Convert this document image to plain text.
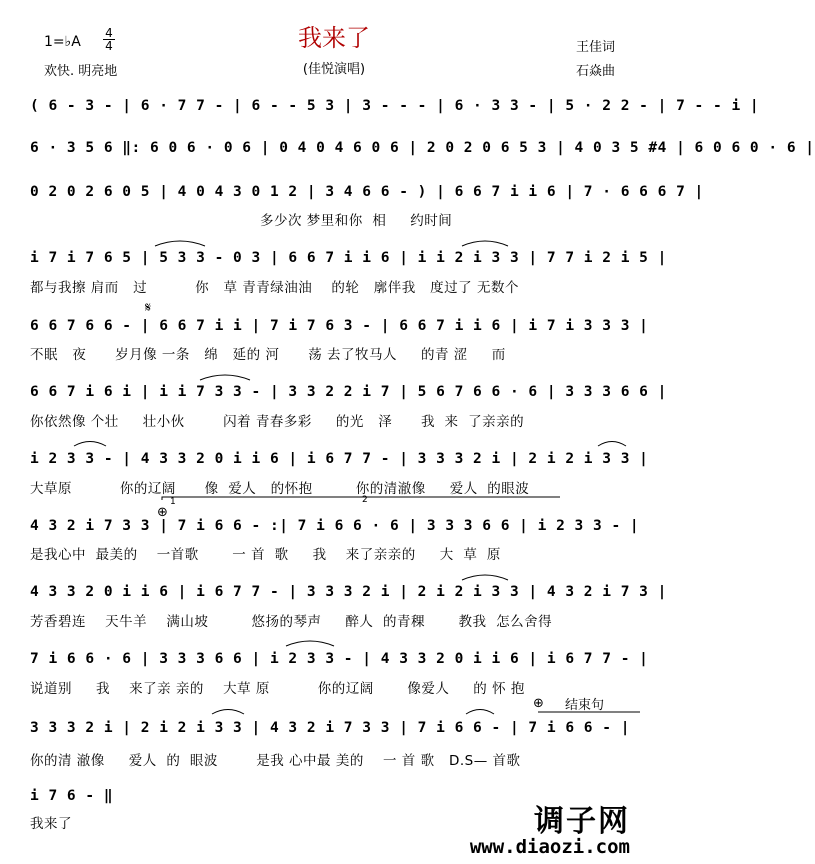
1=♭A
4
4
欢快. 明亮地
我来了
(佳悦演唱)
王佳词
石焱曲
( 6 - 3 - | 6 · 7 7 - | 6 - - 5 3 | 3 - - - | 6 · 3 3 - | 5 · 2 2 - | 7 - - i |
6 · 3 5 6 ‖: 6 0 6 · 0 6 | 0 4 0 4 6 0 6 | 2 0 2 0 6 5 3 | 4 0 3 5 #4 | 6 0 6 0 · 6 |
0 2 0 2 6 0 5 | 4 0 4 3 0 1 2 | 3 4 6 6 - ) | 6 6 7 i i 6 | 7 · 6 6 6 7 |
多少次 梦里和你  相     约时间
i 7 i 7 6 5 | 5 3 3 - 0 3 | 6 6 7 i i 6 | i i 2 i 3 3 | 7 7 i 2 i 5 |
都与我擦 肩而   过          你   草 青青绿油油    的轮   廓伴我   度过了 无数个
6 6 7 6 6 - | 6 6 7 i i | 7 i 7 6 3 - | 6 6 7 i i 6 | i 7 i 3 3 3 |
不眠   夜      岁月像 一条   绵   延的 河      荡 去了牧马人     的青 涩     而
6 6 7 i 6 i | i i 7 3 3 - | 3 3 2 2 i 7 | 5 6 7 6 6 · 6 | 3 3 3 6 6 |
你依然像 个壮     壮小伙        闪着 青春多彩     的光   泽      我  来  了亲亲的
i 2 3 3 - | 4 3 3 2 0 i i 6 | i 6 7 7 - | 3 3 3 2 i | 2 i 2 i 3 3 |
大草原          你的辽阔      像  爱人   的怀抱         你的清澈像     爱人  的眼波
4 3 2 i 7 3 3 | 7 i 6 6 - :| 7 i 6 6 · 6 | 3 3 3 6 6 | i 2 3 3 - |
是我心中  最美的    一首歌       一 首  歌     我    来了亲亲的     大  草  原
4 3 3 2 0 i i 6 | i 6 7 7 - | 3 3 3 2 i | 2 i 2 i 3 3 | 4 3 2 i 7 3 |
芳香碧连    天牛羊    满山坡         悠扬的琴声     醉人  的青稞       教我  怎么舍得
7 i 6 6 · 6 | 3 3 3 6 6 | i 2 3 3 - | 4 3 3 2 0 i i 6 | i 6 7 7 - |
说道别     我    来了亲 亲的    大草 原          你的辽阔       像爱人     的 怀 抱
3 3 3 2 i | 2 i 2 i 3 3 | 4 3 2 i 7 3 3 | 7 i 6 6 - | 7 i 6 6 - |
你的清 澈像     爱人  的  眼波        是我 心中最 美的    一 首 歌   D.S— 首歌
i 7 6 - ‖
我来了
𝄋
⊕
⊕
1	2
结束句
调子网
www.diaozi.com
